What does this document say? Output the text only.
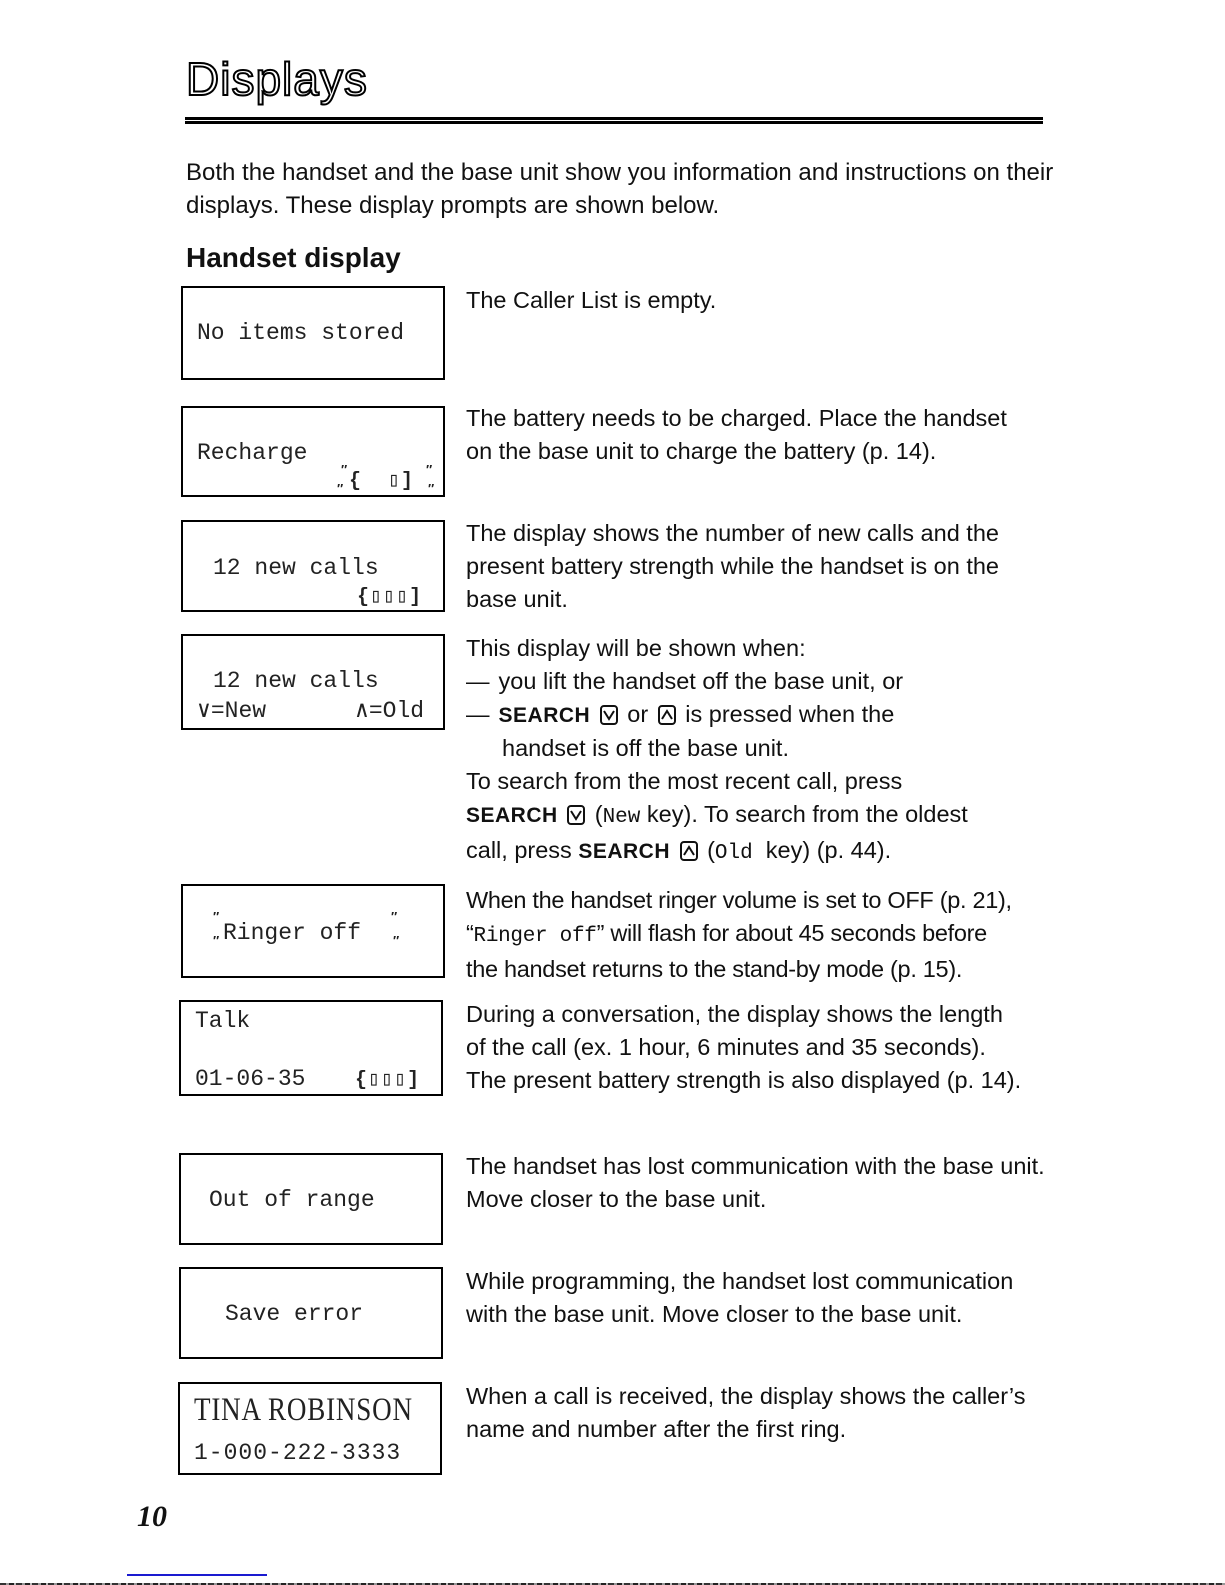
Displays

Both the handset and the base unit show you information and instructions on their displays. These display prompts are shown below.

Handset display
No items stored

The Caller List is empty.

Recharge
″
″
″
″
{  ▯]

The battery needs to be charged. Place the handset on the base unit to charge the battery (p. 14).

12 new calls
{▯▯▯]

The display shows the number of new calls and the present battery strength while the handset is on the base unit.

12 new calls
∨=New	∧=Old
This display will be shown when:
— you lift the handset off the base unit, or
— SEARCH or is pressed when the
handset is off the base unit.
To search from the most recent call, press
SEARCH (New key). To search from the oldest
call, press SEARCH (Old  key) (p. 44).
″
″ Ringer off
″
″
When the handset ringer volume is set to OFF (p. 21),
“Ringer off” will flash for about 45 seconds before
the handset returns to the stand-by mode (p. 15).
Talk
01-06-35 {▯▯▯]

During a conversation, the display shows the length of the call (ex. 1 hour, 6 minutes and 35 seconds). The present battery strength is also displayed (p. 14).

Out of range

The handset has lost communication with the base unit. Move closer to the base unit.

Save error

While programming, the handset lost communication with the base unit. Move closer to the base unit.

TINA ROBINSON
1-000-222-3333

When a call is received, the display shows the caller’s name and number after the first ring.

10
